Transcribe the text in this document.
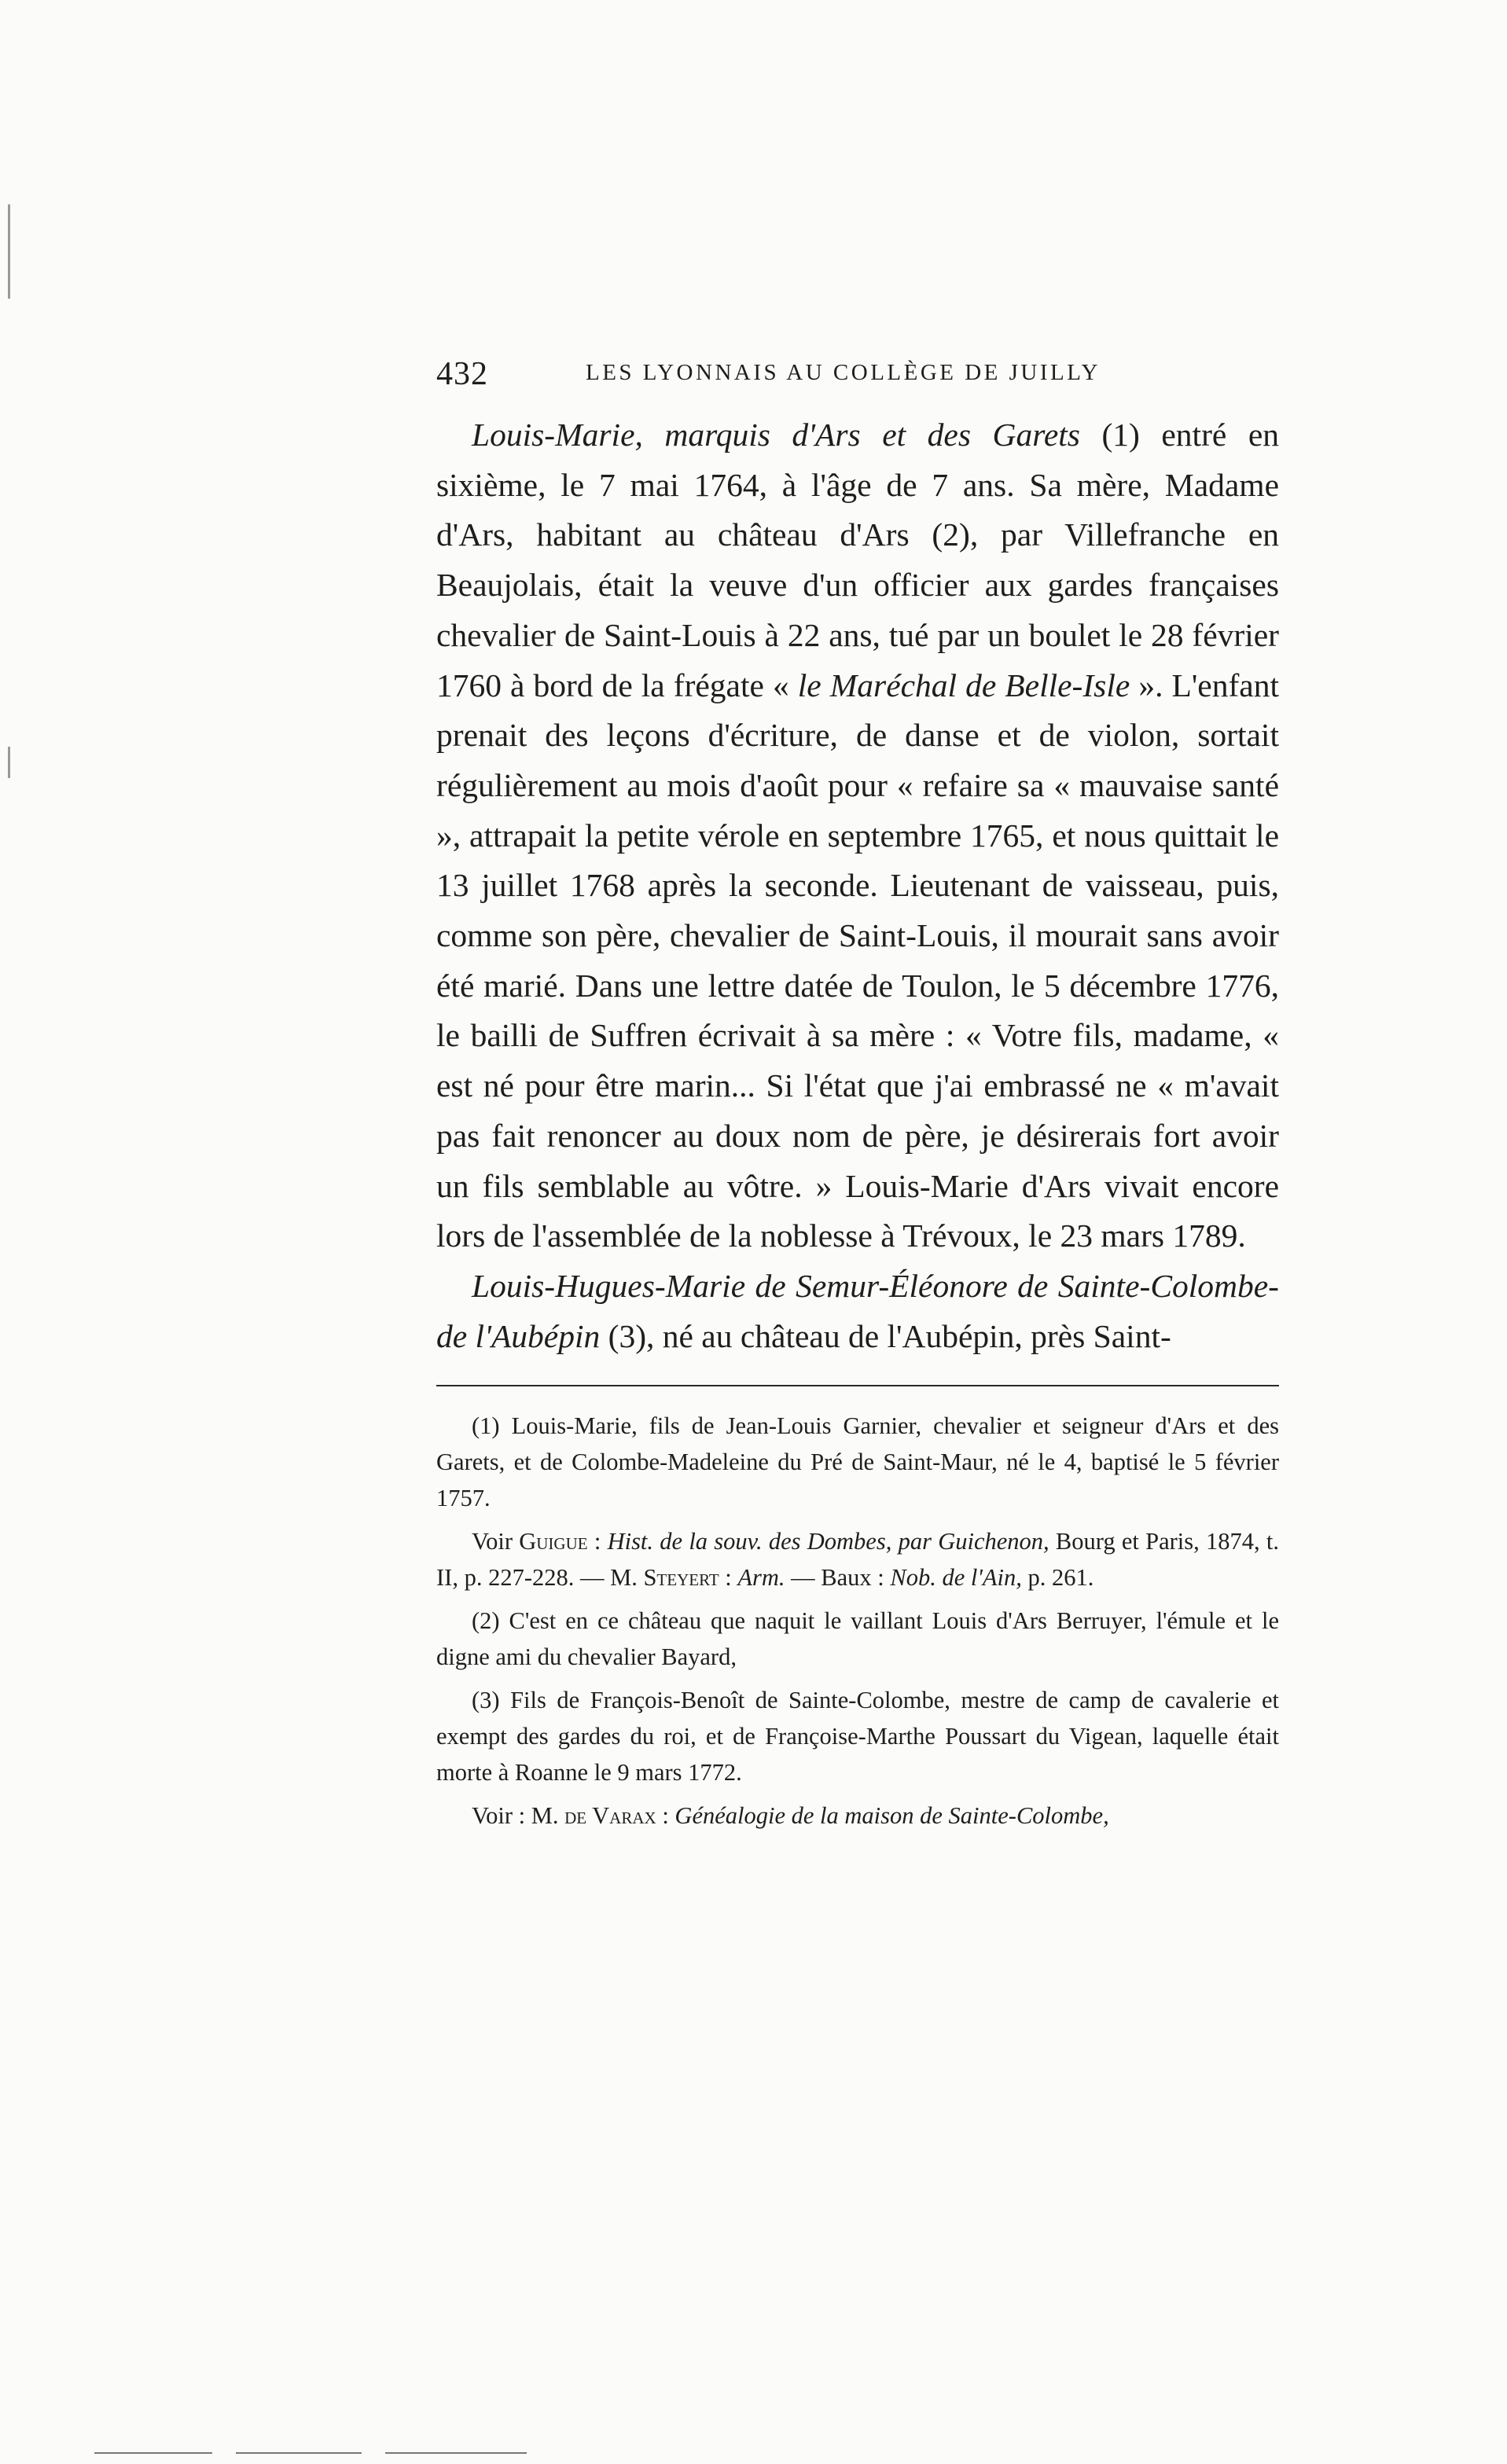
432	LES LYONNAIS AU COLLÈGE DE JUILLY

Louis-Marie, marquis d'Ars et des Garets (1) entré en sixième, le 7 mai 1764, à l'âge de 7 ans. Sa mère, Madame d'Ars, habitant au château d'Ars (2), par Villefranche en Beaujolais, était la veuve d'un officier aux gardes françaises chevalier de Saint-Louis à 22 ans, tué par un boulet le 28 février 1760 à bord de la frégate « le Maréchal de Belle-Isle ». L'enfant prenait des leçons d'écriture, de danse et de violon, sortait régulièrement au mois d'août pour « refaire sa « mauvaise santé », attrapait la petite vérole en septembre 1765, et nous quittait le 13 juillet 1768 après la seconde. Lieutenant de vaisseau, puis, comme son père, chevalier de Saint-Louis, il mourait sans avoir été marié. Dans une lettre datée de Toulon, le 5 décembre 1776, le bailli de Suffren écrivait à sa mère : « Votre fils, madame, « est né pour être marin... Si l'état que j'ai embrassé ne « m'avait pas fait renoncer au doux nom de père, je désirerais fort avoir un fils semblable au vôtre. » Louis-Marie d'Ars vivait encore lors de l'assemblée de la noblesse à Trévoux, le 23 mars 1789.

Louis-Hugues-Marie de Semur-Éléonore de Sainte-Colombe-de l'Aubépin (3), né au château de l'Aubépin, près Saint-

(1) Louis-Marie, fils de Jean-Louis Garnier, chevalier et seigneur d'Ars et des Garets, et de Colombe-Madeleine du Pré de Saint-Maur, né le 4, baptisé le 5 février 1757.

Voir Guigue : Hist. de la souv. des Dombes, par Guichenon, Bourg et Paris, 1874, t. II, p. 227-228. — M. Steyert : Arm. — Baux : Nob. de l'Ain, p. 261.

(2) C'est en ce château que naquit le vaillant Louis d'Ars Berruyer, l'émule et le digne ami du chevalier Bayard,

(3) Fils de François-Benoît de Sainte-Colombe, mestre de camp de cavalerie et exempt des gardes du roi, et de Françoise-Marthe Poussart du Vigean, laquelle était morte à Roanne le 9 mars 1772.

Voir : M. de Varax : Généalogie de la maison de Sainte-Colombe,
